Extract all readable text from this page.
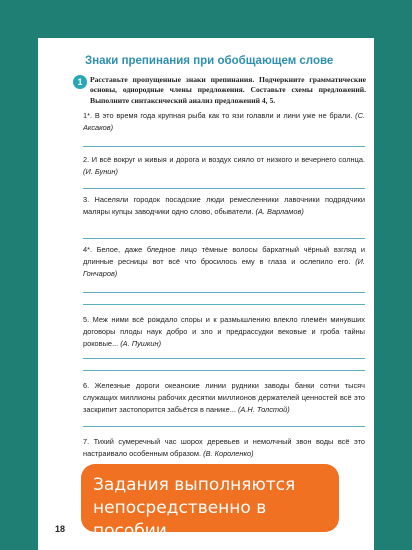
Знаки препинания при обобщающем слове
1 Расставьте пропущенные знаки препинания. Подчеркните грамматические основы, однородные члены предложения. Составьте схемы предложений. Выполните синтаксический анализ предложений 4, 5.
1*. В это время года крупная рыба как то язи голавли и лини уже не брали. (С. Аксаков)
2. И всё вокруг и живыя и дорога и воздух сияло от низкого и вечернего солнца. (И. Бунин)
3. Населяли городок посадские люди ремесленники лавочники подрядчики маляры купцы заводчики одно слово, обыватели. (А. Варламов)
4*. Белое, даже бледное лицо тёмные волосы бархатный чёрный взгляд и длинные ресницы вот всё что бросилось ему в глаза и ослепило его. (И. Гончаров)
5. Меж ними всё рождало споры и к размышлению влекло племён минувших договоры плоды наук добро и зло и предрассудки вековые и гроба тайны роковые... (А. Пушкин)
6. Железные дороги океанские линии рудники заводы банки сотни тысяч служащих миллионы рабочих десятки миллионов держателей ценностей всё это заскрипит застопорится забьётся в панике... (А.Н. Толстой)
7. Тихий сумеречный час шорох деревьев и немолчный звон воды всё это настраивало особенным образом. (В. Короленко)
18
Задания выполняются непосредственно в пособии
